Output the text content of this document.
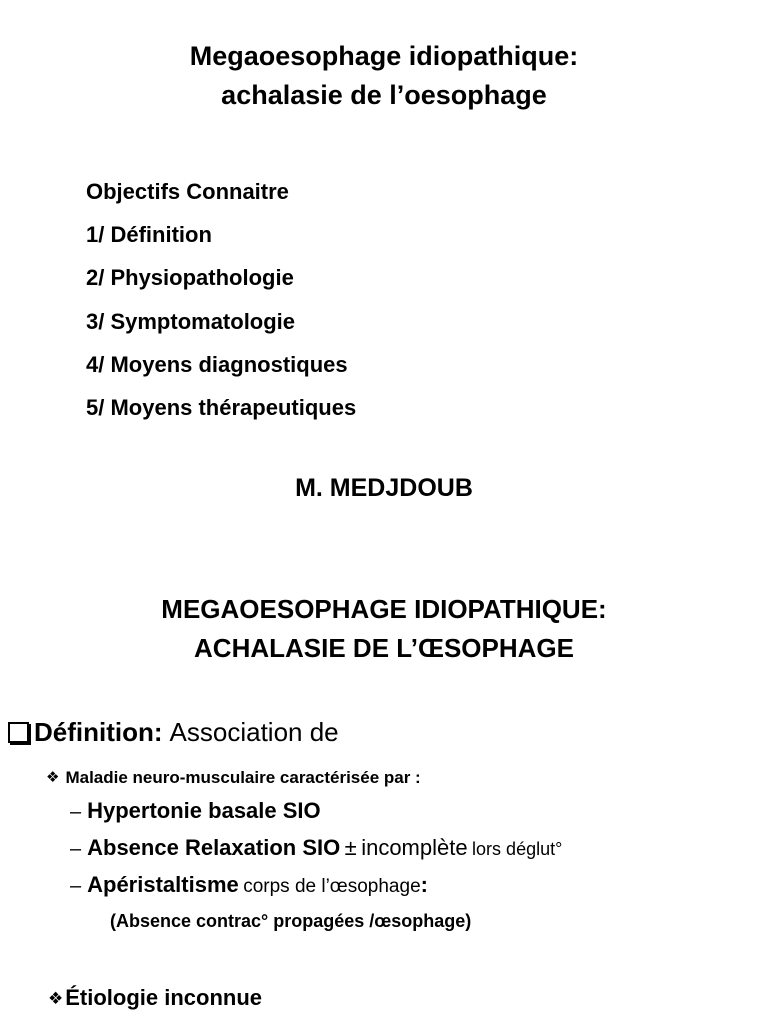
Megaoesophage idiopathique:
achalasie de l’oesophage
Objectifs Connaitre
1/ Définition
2/ Physiopathologie
3/ Symptomatologie
4/ Moyens diagnostiques
5/ Moyens thérapeutiques
M. MEDJDOUB
MEGAOESOPHAGE IDIOPATHIQUE:
ACHALASIE DE L’ŒSOPHAGE
Définition: Association de
❖ Maladie neuro-musculaire caractérisée par :
– Hypertonie basale SIO
– Absence Relaxation SIO ± incomplète lors déglut°
– Apéristaltisme corps de l’œsophage:
(Absence contrac° propagées /œsophage)
❖Étiologie inconnue
